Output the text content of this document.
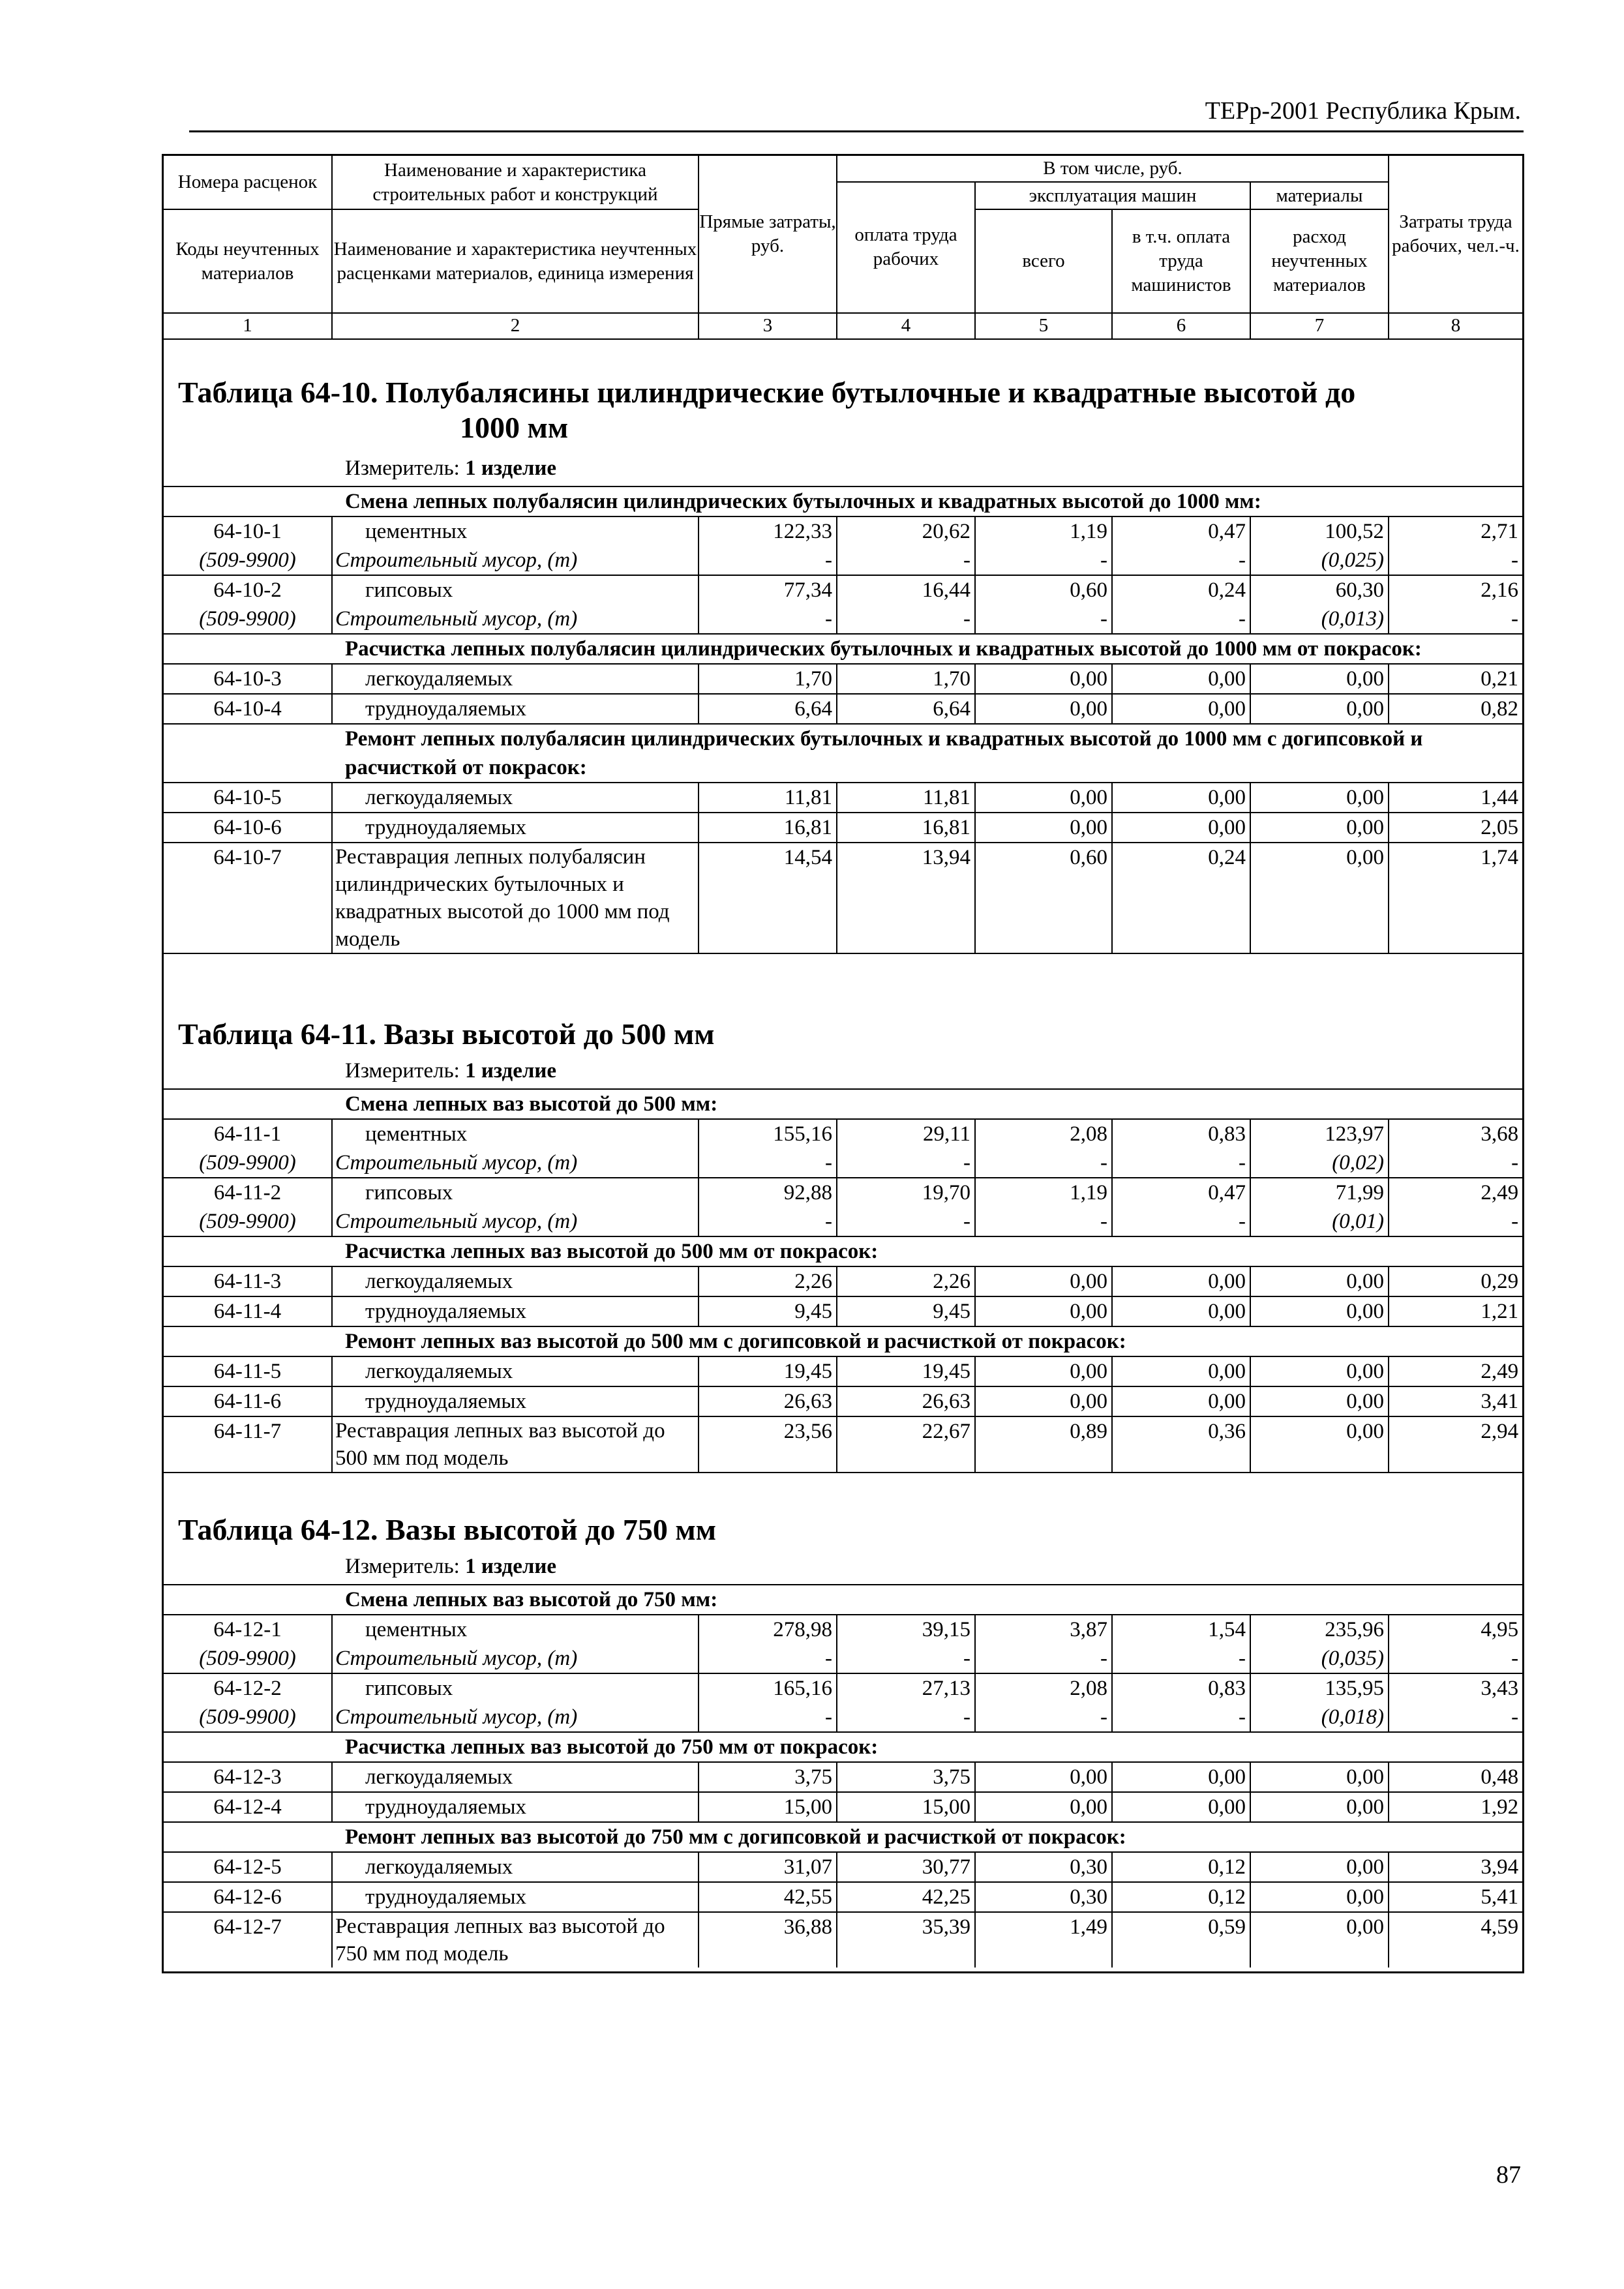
ТЕРр-2001 Республика Крым.
Номера расценок	Наименование и характеристика строительных работ и конструкций	Прямые затраты, руб.	В том числе, руб.				Затраты труда рабочих, чел.-ч.
			оплата труда рабочих	эксплуатация машин		материалы	
Коды неучтенных материалов	Наименование и характеристика неучтенных расценками материалов, единица измерения			всего	в т.ч. оплата труда машинистов	расход неучтенных материалов	

1	2	3	4	5	6	7	8
Таблица 64-10. Полубалясины цилиндрические бутылочные и квадратные высотой до
1000 мм
Измеритель: 1 изделие
Смена лепных полубалясин цилиндрических бутылочных и квадратных высотой до 1000 мм:							
64-10-1	цементных	122,33	20,62	1,19	0,47	100,52	2,71
(509-9900)	Строительный мусор, (т)	-	-	-	-	(0,025)	-
64-10-2	гипсовых	77,34	16,44	0,60	0,24	60,30	2,16
(509-9900)	Строительный мусор, (т)	-	-	-	-	(0,013)	-
Расчистка лепных полубалясин цилиндрических бутылочных и квадратных высотой до 1000 мм от покрасок:							
64-10-3	легкоудаляемых	1,70	1,70	0,00	0,00	0,00	0,21
64-10-4	трудноудаляемых	6,64	6,64	0,00	0,00	0,00	0,82
Ремонт лепных полубалясин цилиндрических бутылочных и квадратных высотой до 1000 мм с догипсовкой и расчисткой от покрасок:							
64-10-5	легкоудаляемых	11,81	11,81	0,00	0,00	0,00	1,44
64-10-6	трудноудаляемых	16,81	16,81	0,00	0,00	0,00	2,05
64-10-7	Реставрация лепных полубалясин цилиндрических бутылочных и квадратных высотой до 1000 мм под модель	14,54	13,94	0,60	0,24	0,00	1,74
Таблица 64-11. Вазы высотой до 500 мм
Измеритель: 1 изделие
Смена лепных ваз высотой до 500 мм:							
64-11-1	цементных	155,16	29,11	2,08	0,83	123,97	3,68
(509-9900)	Строительный мусор, (т)	-	-	-	-	(0,02)	-
64-11-2	гипсовых	92,88	19,70	1,19	0,47	71,99	2,49
(509-9900)	Строительный мусор, (т)	-	-	-	-	(0,01)	-
Расчистка лепных ваз высотой до 500 мм от покрасок:							
64-11-3	легкоудаляемых	2,26	2,26	0,00	0,00	0,00	0,29
64-11-4	трудноудаляемых	9,45	9,45	0,00	0,00	0,00	1,21
Ремонт лепных ваз высотой до 500 мм с догипсовкой и расчисткой от покрасок:							
64-11-5	легкоудаляемых	19,45	19,45	0,00	0,00	0,00	2,49
64-11-6	трудноудаляемых	26,63	26,63	0,00	0,00	0,00	3,41
64-11-7	Реставрация лепных ваз высотой до 500 мм под модель	23,56	22,67	0,89	0,36	0,00	2,94
Таблица 64-12. Вазы высотой до 750 мм
Измеритель: 1 изделие
Смена лепных ваз высотой до 750 мм:							
64-12-1	цементных	278,98	39,15	3,87	1,54	235,96	4,95
(509-9900)	Строительный мусор, (т)	-	-	-	-	(0,035)	-
64-12-2	гипсовых	165,16	27,13	2,08	0,83	135,95	3,43
(509-9900)	Строительный мусор, (т)	-	-	-	-	(0,018)	-
Расчистка лепных ваз высотой до 750 мм от покрасок:							
64-12-3	легкоудаляемых	3,75	3,75	0,00	0,00	0,00	0,48
64-12-4	трудноудаляемых	15,00	15,00	0,00	0,00	0,00	1,92
Ремонт лепных ваз высотой до 750 мм с догипсовкой и расчисткой от покрасок:							
64-12-5	легкоудаляемых	31,07	30,77	0,30	0,12	0,00	3,94
64-12-6	трудноудаляемых	42,55	42,25	0,30	0,12	0,00	5,41
64-12-7	Реставрация лепных ваз высотой до 750 мм под модель	36,88	35,39	1,49	0,59	0,00	4,59
87
